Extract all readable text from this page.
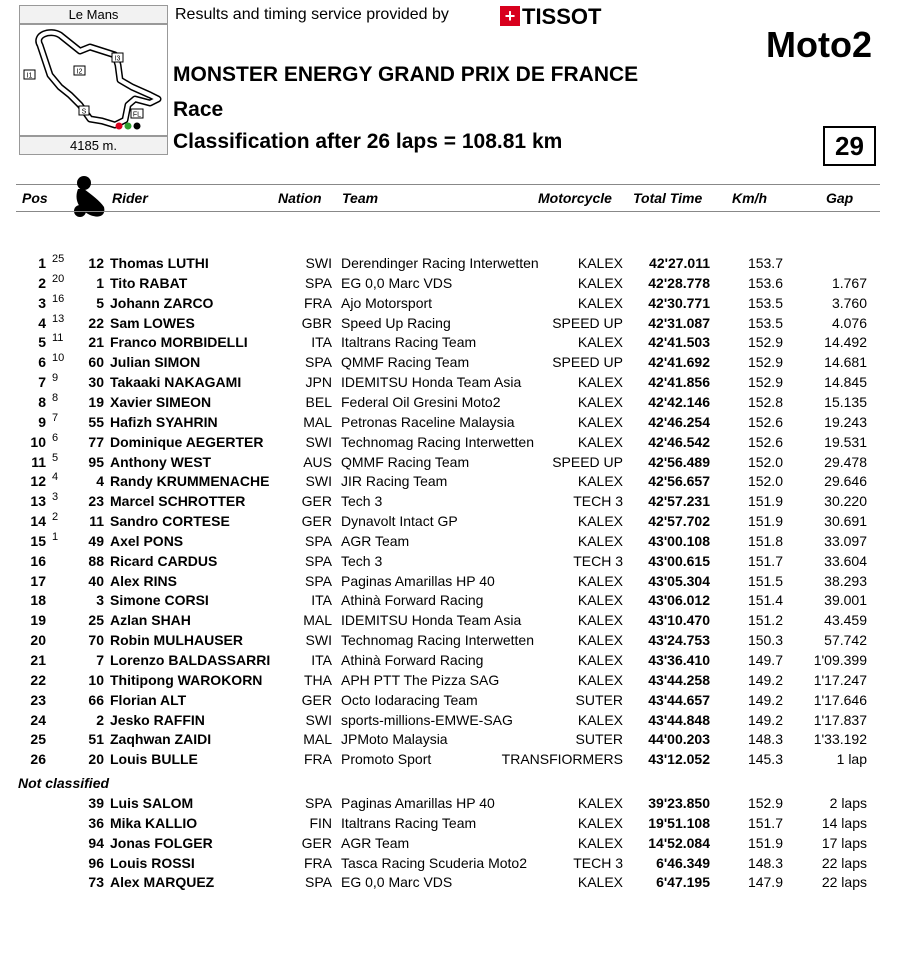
Le Mans
I1
I2
I3
S	FL
4185 m.
Results and timing service provided by	+ TISSOT
Moto2
MONSTER ENERGY GRAND PRIX DE FRANCE
Race
Classification after 26 laps = 108.81 km	29
Pos	Rider	Nation Team	Motorcycle Total Time Km/h	Gap
1 25	12 Thomas LUTHI	SWI Derendinger Racing Interwetten	KALEX	42'27.011	153.7
2 20	1 Tito RABAT	SPA EG 0,0 Marc VDS	KALEX	42'28.778	153.6	1.767
3 16	5 Johann ZARCO	FRA Ajo Motorsport	KALEX	42'30.771	153.5	3.760
4 13	22 Sam LOWES	GBR Speed Up Racing	SPEED UP	42'31.087	153.5	4.076
5 11	21 Franco MORBIDELLI	ITA Italtrans Racing Team	KALEX	42'41.503	152.9	14.492
6 10	60 Julian SIMON	SPA QMMF Racing Team	SPEED UP	42'41.692	152.9	14.681
7 9	30 Takaaki NAKAGAMI	JPN IDEMITSU Honda Team Asia	KALEX	42'41.856	152.9	14.845
8 8	19 Xavier SIMEON	BEL Federal Oil Gresini Moto2	KALEX	42'42.146	152.8	15.135
9 7	55 Hafizh SYAHRIN	MAL Petronas Raceline Malaysia	KALEX	42'46.254	152.6	19.243
10 6	77 Dominique AEGERTER	SWI Technomag Racing Interwetten	KALEX	42'46.542	152.6	19.531
11 5	95 Anthony WEST	AUS QMMF Racing Team	SPEED UP	42'56.489	152.0	29.478
12 4	4 Randy KRUMMENACHE	SWI JIR Racing Team	KALEX	42'56.657	152.0	29.646
13 3	23 Marcel SCHROTTER	GER Tech 3	TECH 3	42'57.231	151.9	30.220
14 2	11 Sandro CORTESE	GER Dynavolt Intact GP	KALEX	42'57.702	151.9	30.691
15 1	49 Axel PONS	SPA AGR Team	KALEX	43'00.108	151.8	33.097
16	88 Ricard CARDUS	SPA Tech 3	TECH 3	43'00.615	151.7	33.604
17	40 Alex RINS	SPA Paginas Amarillas HP 40	KALEX	43'05.304	151.5	38.293
18	3 Simone CORSI	ITA Athinà Forward Racing	KALEX	43'06.012	151.4	39.001
19	25 Azlan SHAH	MAL IDEMITSU Honda Team Asia	KALEX	43'10.470	151.2	43.459
20	70 Robin MULHAUSER	SWI Technomag Racing Interwetten	KALEX	43'24.753	150.3	57.742
21	7 Lorenzo BALDASSARRI	ITA Athinà Forward Racing	KALEX	43'36.410	149.7	1'09.399
22	10 Thitipong WAROKORN	THA APH PTT The Pizza SAG	KALEX	43'44.258	149.2	1'17.247
23	66 Florian ALT	GER Octo Iodaracing Team	SUTER	43'44.657	149.2	1'17.646
24	2 Jesko RAFFIN	SWI sports-millions-EMWE-SAG	KALEX	43'44.848	149.2	1'17.837
25	51 Zaqhwan ZAIDI	MAL JPMoto Malaysia	SUTER	44'00.203	148.3	1'33.192
26	20 Louis BULLE	FRA Promoto Sport	TRANSFIORMERS	43'12.052	145.3	1 lap
Not classified
39 Luis SALOM	SPA Paginas Amarillas HP 40	KALEX	39'23.850	152.9	2 laps
36 Mika KALLIO	FIN Italtrans Racing Team	KALEX	19'51.108	151.7	14 laps
94 Jonas FOLGER	GER AGR Team	KALEX	14'52.084	151.9	17 laps
96 Louis ROSSI	FRA Tasca Racing Scuderia Moto2	TECH 3	6'46.349	148.3	22 laps
73 Alex MARQUEZ	SPA EG 0,0 Marc VDS	KALEX	6'47.195	147.9	22 laps
